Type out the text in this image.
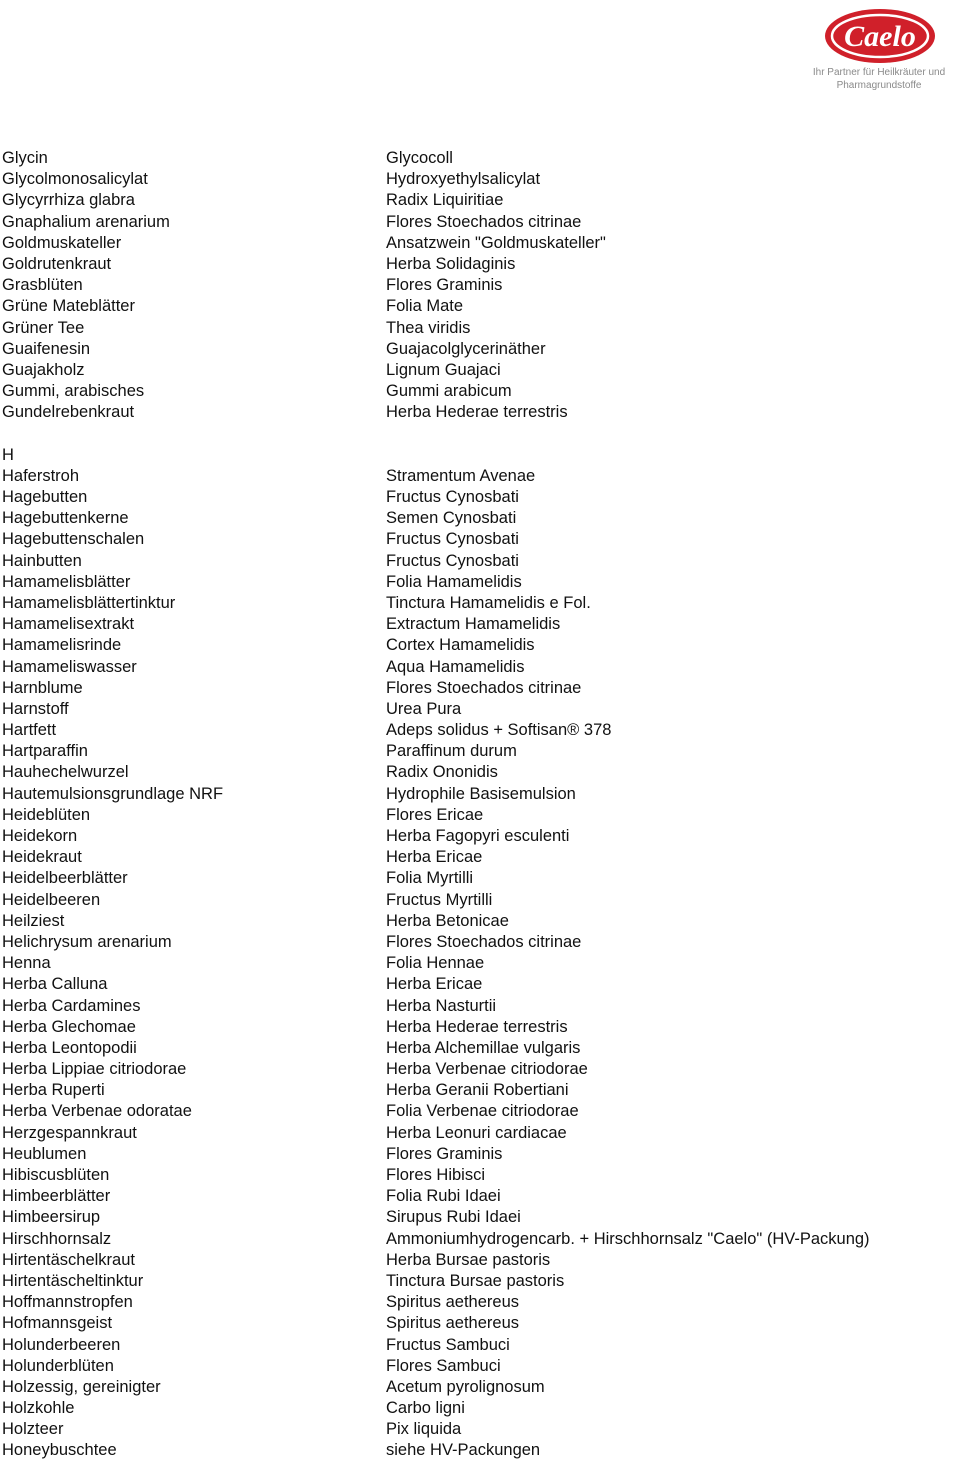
Caelo
Ihr Partner für Heilkräuter und
Pharmagrundstoffe
Glycin	Glycocoll
Glycolmonosalicylat	Hydroxyethylsalicylat
Glycyrrhiza glabra	Radix Liquiritiae
Gnaphalium arenarium	Flores Stoechados citrinae
Goldmuskateller	Ansatzwein "Goldmuskateller"
Goldrutenkraut	Herba Solidaginis
Grasblüten	Flores Graminis
Grüne Mateblätter	Folia Mate
Grüner Tee	Thea viridis
Guaifenesin	Guajacolglycerinäther
Guajakholz	Lignum Guajaci
Gummi, arabisches	Gummi arabicum
Gundelrebenkraut	Herba Hederae terrestris
H
Haferstroh	Stramentum Avenae
Hagebutten	Fructus Cynosbati
Hagebuttenkerne	Semen Cynosbati
Hagebuttenschalen	Fructus Cynosbati
Hainbutten	Fructus Cynosbati
Hamamelisblätter	Folia Hamamelidis
Hamamelisblättertinktur	Tinctura Hamamelidis e Fol.
Hamamelisextrakt	Extractum Hamamelidis
Hamamelisrinde	Cortex Hamamelidis
Hamameliswasser	Aqua Hamamelidis
Harnblume	Flores Stoechados citrinae
Harnstoff	Urea Pura
Hartfett	Adeps solidus + Softisan® 378
Hartparaffin	Paraffinum durum
Hauhechelwurzel	Radix Ononidis
Hautemulsionsgrundlage NRF	Hydrophile Basisemulsion
Heideblüten	Flores Ericae
Heidekorn	Herba Fagopyri esculenti
Heidekraut	Herba Ericae
Heidelbeerblätter	Folia Myrtilli
Heidelbeeren	Fructus Myrtilli
Heilziest	Herba Betonicae
Helichrysum arenarium	Flores Stoechados citrinae
Henna	Folia Hennae
Herba Calluna	Herba Ericae
Herba Cardamines	Herba Nasturtii
Herba Glechomae	Herba Hederae terrestris
Herba Leontopodii	Herba Alchemillae vulgaris
Herba Lippiae citriodorae	Herba Verbenae citriodorae
Herba Ruperti	Herba Geranii Robertiani
Herba Verbenae odoratae	Folia Verbenae citriodorae
Herzgespannkraut	Herba Leonuri cardiacae
Heublumen	Flores Graminis
Hibiscusblüten	Flores Hibisci
Himbeerblätter	Folia Rubi Idaei
Himbeersirup	Sirupus Rubi Idaei
Hirschhornsalz	Ammoniumhydrogencarb. + Hirschhornsalz "Caelo" (HV-Packung)
Hirtentäschelkraut	Herba Bursae pastoris
Hirtentäscheltinktur	Tinctura Bursae pastoris
Hoffmannstropfen	Spiritus aethereus
Hofmannsgeist	Spiritus aethereus
Holunderbeeren	Fructus Sambuci
Holunderblüten	Flores Sambuci
Holzessig, gereinigter	Acetum pyrolignosum
Holzkohle	Carbo ligni
Holzteer	Pix liquida
Honeybuschtee	siehe HV-Packungen
